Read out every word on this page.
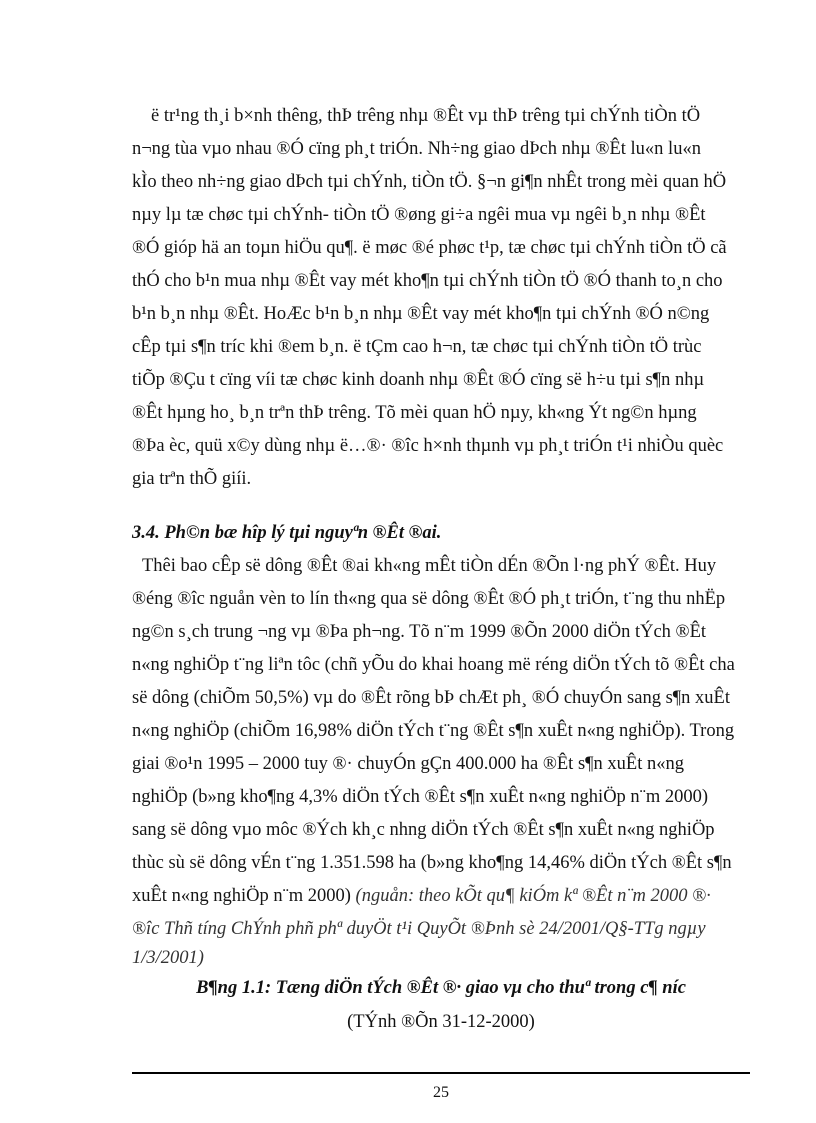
ë tr¹ng th¸i b×nh thêng, thÞ trêng nhµ ®Êt vµ thÞ trêng tµi chÝnh tiÒn tÖ
n¬ng tùa vµo nhau ®Ó cïng ph¸t triÓn. Nh÷ng giao dÞch nhµ ®Êt lu«n lu«n
kÌo theo nh÷ng giao dÞch tµi chÝnh, tiÒn tÖ. §¬n gi¶n nhÊt trong mèi quan hÖ
nµy lµ tæ chøc tµi chÝnh- tiÒn tÖ ®øng gi÷a ngêi mua vµ ngêi b¸n nhµ ®Êt
®Ó gióp hä an toµn hiÖu qu¶. ë møc ®é phøc t¹p, tæ chøc tµi chÝnh tiÒn tÖ cã
thÓ cho b¹n mua nhµ ®Êt vay mét kho¶n tµi chÝnh tiÒn tÖ ®Ó thanh to¸n cho
b¹n b¸n nhµ ®Êt. HoÆc b¹n b¸n nhµ ®Êt vay mét kho¶n tµi chÝnh ®Ó n©ng
cÊp tµi s¶n tríc khi ®em b¸n. ë tÇm cao h¬n, tæ chøc tµi chÝnh tiÒn tÖ trùc
tiÕp ®Çu t cïng víi tæ chøc kinh doanh nhµ ®Êt ®Ó cïng së h÷u tµi s¶n nhµ
®Êt hµng ho¸ b¸n trªn thÞ trêng. Tõ mèi quan hÖ nµy, kh«ng Ýt ng©n hµng
®Þa èc, quü x©y dùng nhµ ë…®· ®îc h×nh thµnh vµ ph¸t triÓn t¹i nhiÒu quèc
gia trªn thÕ giíi.
3.4. Ph©n bæ hîp lý tµi nguyªn ®Êt ®ai.
Thêi bao cÊp së dông ®Êt ®ai kh«ng mÊt tiÒn dÉn ®Õn l·ng phÝ ®Êt. Huy
®éng ®îc nguån vèn to lín th«ng qua së dông ®Êt ®Ó ph¸t triÓn, t¨ng thu nhËp
ng©n s¸ch trung ¬ng vµ ®Þa ph¬ng. Tõ n¨m 1999 ®Õn 2000 diÖn tÝch ®Êt
n«ng nghiÖp t¨ng liªn tôc (chñ yÕu do khai hoang më réng diÖn tÝch tõ ®Êt cha
së dông (chiÕm 50,5%) vµ do ®Êt rõng bÞ chÆt ph¸ ®Ó chuyÓn sang s¶n xuÊt
n«ng nghiÖp (chiÕm 16,98% diÖn tÝch t¨ng ®Êt s¶n xuÊt n«ng nghiÖp). Trong
giai ®o¹n 1995 – 2000 tuy ®· chuyÓn gÇn 400.000 ha ®Êt s¶n xuÊt n«ng
nghiÖp (b»ng kho¶ng 4,3% diÖn tÝch ®Êt s¶n xuÊt n«ng nghiÖp n¨m 2000)
sang së dông vµo môc ®Ých kh¸c nhng diÖn tÝch ®Êt s¶n xuÊt n«ng nghiÖp
thùc sù së dông vÉn t¨ng 1.351.598 ha (b»ng kho¶ng 14,46% diÖn tÝch ®Êt s¶n
xuÊt n«ng nghiÖp n¨m 2000) (nguån: theo kÕt qu¶ kiÓm kª ®Êt n¨m 2000 ®·
®îc Thñ tíng ChÝnh phñ phª duyÖt t¹i QuyÕt ®Þnh sè 24/2001/Q§-TTg ngµy
1/3/2001)
B¶ng 1.1: Tæng diÖn tÝch ®Êt ®· giao vµ cho thuª trong c¶ níc
(TÝnh ®Õn 31-12-2000)
25
